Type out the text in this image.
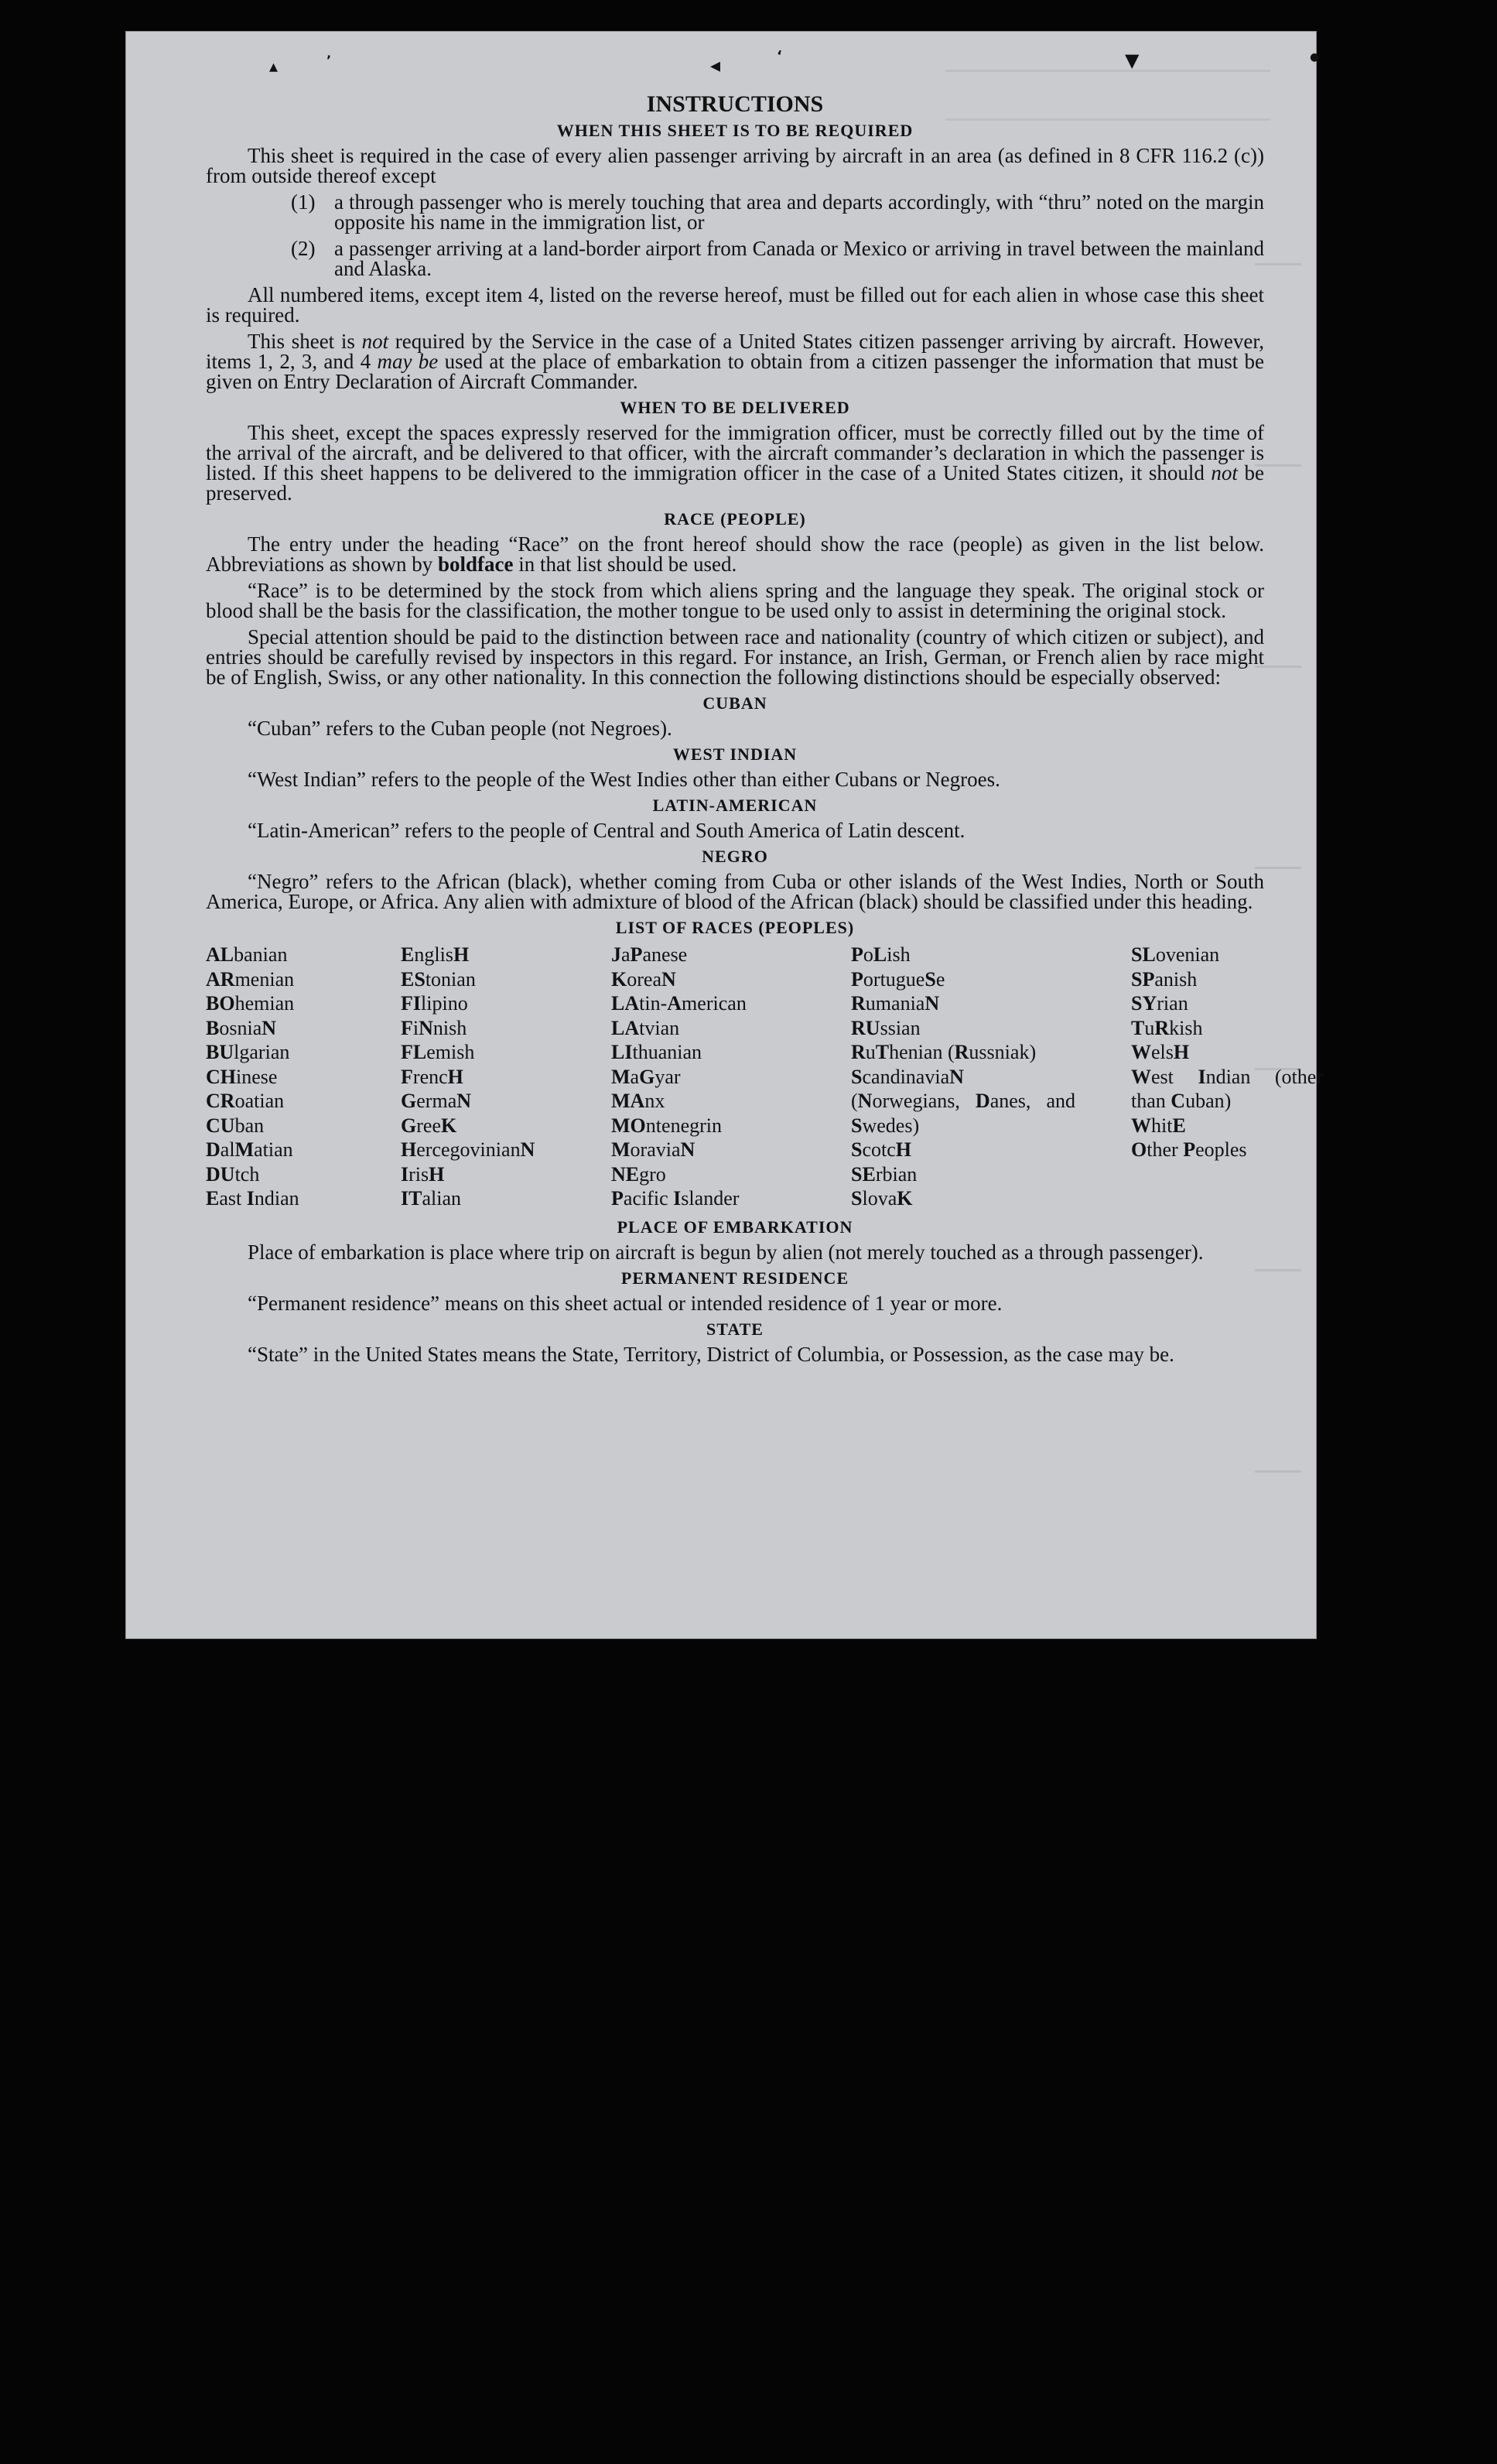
▴	’	◂	‘	▼	●
INSTRUCTIONS
WHEN THIS SHEET IS TO BE REQUIRED

This sheet is required in the case of every alien passenger arriving by aircraft in an area (as defined in 8 CFR 116.2 (c)) from outside thereof except

(1) a through passenger who is merely touching that area and departs accordingly, with “thru” noted on the margin opposite his name in the immigration list, or
(2) a passenger arriving at a land-border airport from Canada or Mexico or arriving in travel between the mainland and Alaska.

All numbered items, except item 4, listed on the reverse hereof, must be filled out for each alien in whose case this sheet is required.

This sheet is not required by the Service in the case of a United States citizen passenger arriving by aircraft. However, items 1, 2, 3, and 4 may be used at the place of embarkation to obtain from a citizen passenger the information that must be given on Entry Declaration of Aircraft Commander.

WHEN TO BE DELIVERED

This sheet, except the spaces expressly reserved for the immigration officer, must be correctly filled out by the time of the arrival of the aircraft, and be delivered to that officer, with the aircraft commander’s declaration in which the passenger is listed. If this sheet happens to be delivered to the immigration officer in the case of a United States citizen, it should not be preserved.

RACE (PEOPLE)

The entry under the heading “Race” on the front hereof should show the race (people) as given in the list below. Abbreviations as shown by boldface in that list should be used.

“Race” is to be determined by the stock from which aliens spring and the language they speak. The original stock or blood shall be the basis for the classification, the mother tongue to be used only to assist in determining the original stock.

Special attention should be paid to the distinction between race and nationality (country of which citizen or subject), and entries should be carefully revised by inspectors in this regard. For instance, an Irish, German, or French alien by race might be of English, Swiss, or any other nationality. In this connection the following distinctions should be especially observed:

CUBAN

“Cuban” refers to the Cuban people (not Negroes).

WEST INDIAN

“West Indian” refers to the people of the West Indies other than either Cubans or Negroes.

LATIN-AMERICAN

“Latin-American” refers to the people of Central and South America of Latin descent.

NEGRO

“Negro” refers to the African (black), whether coming from Cuba or other islands of the West Indies, North or South America, Europe, or Africa. Any alien with admixture of blood of the African (black) should be classified under this heading.

LIST OF RACES (PEOPLES)
ALbanian
ARmenian
BOhemian
BosniaN
BUlgarian
CHinese
CRoatian
CUban
DalMatian
DUtch
East Indian
EnglisH
EStonian
FIlipino
FiNnish
FLemish
FrencH
GermaN
GreeK
HercegovinianN
IrisH
ITalian
JaPanese
KoreaN
LAtin-American
LAtvian
LIthuanian
MaGyar
MAnx
MOntenegrin
MoraviaN
NEgro
Pacific Islander
PoLish
PortugueSe
RumaniaN
RUssian
RuThenian (Russniak)
ScandinaviaN (Norwegians, Danes, and Swedes)
ScotcH
SErbian
SlovaK
SLovenian
SPanish
SYrian
TuRkish
WelsH
West Indian (other than Cuban)
WhitE
Other Peoples
PLACE OF EMBARKATION

Place of embarkation is place where trip on aircraft is begun by alien (not merely touched as a through passenger).

PERMANENT RESIDENCE

“Permanent residence” means on this sheet actual or intended residence of 1 year or more.

STATE

“State” in the United States means the State, Territory, District of Columbia, or Possession, as the case may be.
